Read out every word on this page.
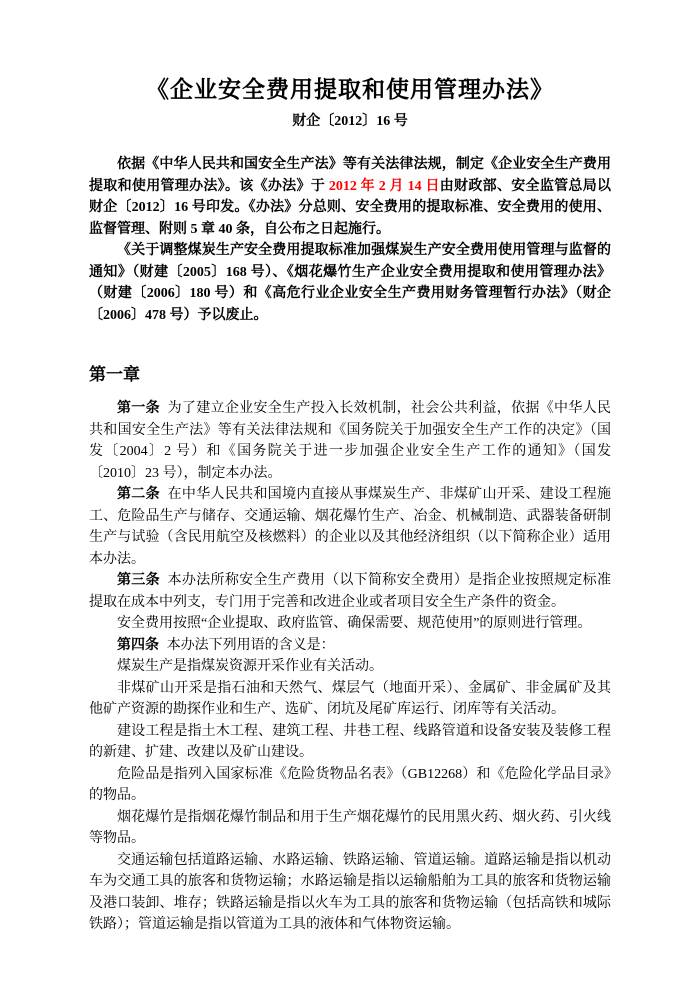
《企业安全费用提取和使用管理办法》
财企〔2012〕16 号

依据《中华人民共和国安全生产法》等有关法律法规，制定《企业安全生产费用提取和使用管理办法》。该《办法》于 2012 年 2 月 14 日由财政部、安全监管总局以财企〔2012〕16 号印发。《办法》分总则、安全费用的提取标准、安全费用的使用、监督管理、附则 5 章 40 条，自公布之日起施行。

《关于调整煤炭生产安全费用提取标准加强煤炭生产安全费用使用管理与监督的通知》（财建〔2005〕168 号）、《烟花爆竹生产企业安全费用提取和使用管理办法》（财建〔2006〕180 号）和《高危行业企业安全生产费用财务管理暂行办法》（财企〔2006〕478 号）予以废止。

第一章

第一条 为了建立企业安全生产投入长效机制，社会公共利益，依据《中华人民共和国安全生产法》等有关法律法规和《国务院关于加强安全生产工作的决定》（国发〔2004〕2 号）和《国务院关于进一步加强企业安全生产工作的通知》（国发〔2010〕23 号），制定本办法。

第二条 在中华人民共和国境内直接从事煤炭生产、非煤矿山开采、建设工程施工、危险品生产与储存、交通运输、烟花爆竹生产、冶金、机械制造、武器装备研制生产与试验（含民用航空及核燃料）的企业以及其他经济组织（以下简称企业）适用本办法。

第三条 本办法所称安全生产费用（以下简称安全费用）是指企业按照规定标准提取在成本中列支，专门用于完善和改进企业或者项目安全生产条件的资金。

安全费用按照“企业提取、政府监管、确保需要、规范使用”的原则进行管理。

第四条 本办法下列用语的含义是：

煤炭生产是指煤炭资源开采作业有关活动。

非煤矿山开采是指石油和天然气、煤层气（地面开采）、金属矿、非金属矿及其他矿产资源的勘探作业和生产、选矿、闭坑及尾矿库运行、闭库等有关活动。

建设工程是指土木工程、建筑工程、井巷工程、线路管道和设备安装及装修工程的新建、扩建、改建以及矿山建设。

危险品是指列入国家标准《危险货物品名表》（GB12268）和《危险化学品目录》的物品。

烟花爆竹是指烟花爆竹制品和用于生产烟花爆竹的民用黑火药、烟火药、引火线等物品。

交通运输包括道路运输、水路运输、铁路运输、管道运输。道路运输是指以机动车为交通工具的旅客和货物运输；水路运输是指以运输船舶为工具的旅客和货物运输及港口装卸、堆存；铁路运输是指以火车为工具的旅客和货物运输（包括高铁和城际铁路）；管道运输是指以管道为工具的液体和气体物资运输。
